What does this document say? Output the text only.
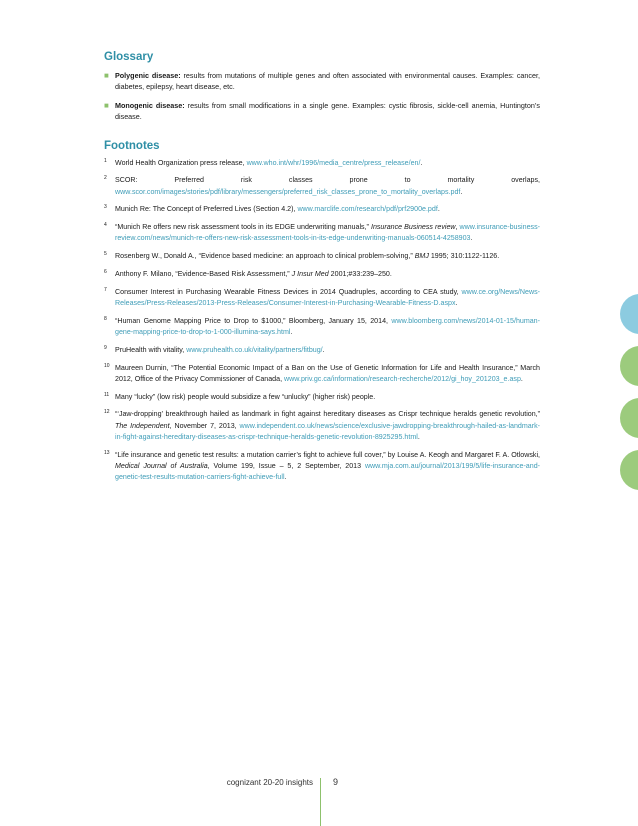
Glossary
■ Polygenic disease: results from mutations of multiple genes and often associated with environmental causes. Examples: cancer, diabetes, epilepsy, heart disease, etc.
■ Monogenic disease: results from small modifications in a single gene. Examples: cystic fibrosis, sickle-cell anemia, Huntington’s disease.
Footnotes
1 World Health Organization press release, www.who.int/whr/1996/media_centre/press_release/en/.
2 SCOR: Preferred risk classes prone to mortality overlaps, www.scor.com/images/stories/pdf/library/messengers/preferred_risk_classes_prone_to_mortality_overlaps.pdf.
3 Munich Re: The Concept of Preferred Lives (Section 4.2), www.marclife.com/research/pdf/prf2900e.pdf.
4 “Munich Re offers new risk assessment tools in its EDGE underwriting manuals,” Insurance Business review, www.insurance-business-review.com/news/munich-re-offers-new-risk-assessment-tools-in-its-edge-underwriting-manuals-060514-4258903.
5 Rosenberg W., Donald A., “Evidence based medicine: an approach to clinical problem-solving,” BMJ 1995; 310:1122-1126.
6 Anthony F. Milano, “Evidence-Based Risk Assessment,” J Insur Med 2001;#33:239–250.
7 Consumer Interest in Purchasing Wearable Fitness Devices in 2014 Quadruples, according to CEA study, www.ce.org/News/News-Releases/Press-Releases/2013-Press-Releases/Consumer-Interest-in-Purchasing-Wearable-Fitness-D.aspx.
8 “Human Genome Mapping Price to Drop to $1000,” Bloomberg, January 15, 2014, www.bloomberg.com/news/2014-01-15/human-gene-mapping-price-to-drop-to-1-000-illumina-says.html.
9 PruHealth with vitality, www.pruhealth.co.uk/vitality/partners/fitbug/.
10 Maureen Durnin, “The Potential Economic Impact of a Ban on the Use of Genetic Information for Life and Health Insurance,” March 2012, Office of the Privacy Commissioner of Canada, www.priv.gc.ca/information/research-recherche/2012/gi_hoy_201203_e.asp.
11 Many “lucky” (low risk) people would subsidize a few “unlucky” (higher risk) people.
12 “‘Jaw-dropping’ breakthrough hailed as landmark in fight against hereditary diseases as Crispr technique heralds genetic revolution,” The Independent, November 7, 2013, www.independent.co.uk/news/science/exclusive-jawdropping-breakthrough-hailed-as-landmark-in-fight-against-hereditary-diseases-as-crispr-technique-heralds-genetic-revolution-8925295.html.
13 “Life insurance and genetic test results: a mutation carrier’s fight to achieve full cover,” by Louise A. Keogh and Margaret F. A. Otlowski, Medical Journal of Australia, Volume 199, Issue – 5, 2 September, 2013 www.mja.com.au/journal/2013/199/5/life-insurance-and-genetic-test-results-mutation-carriers-fight-achieve-full.
cognizant 20-20 insights 9
